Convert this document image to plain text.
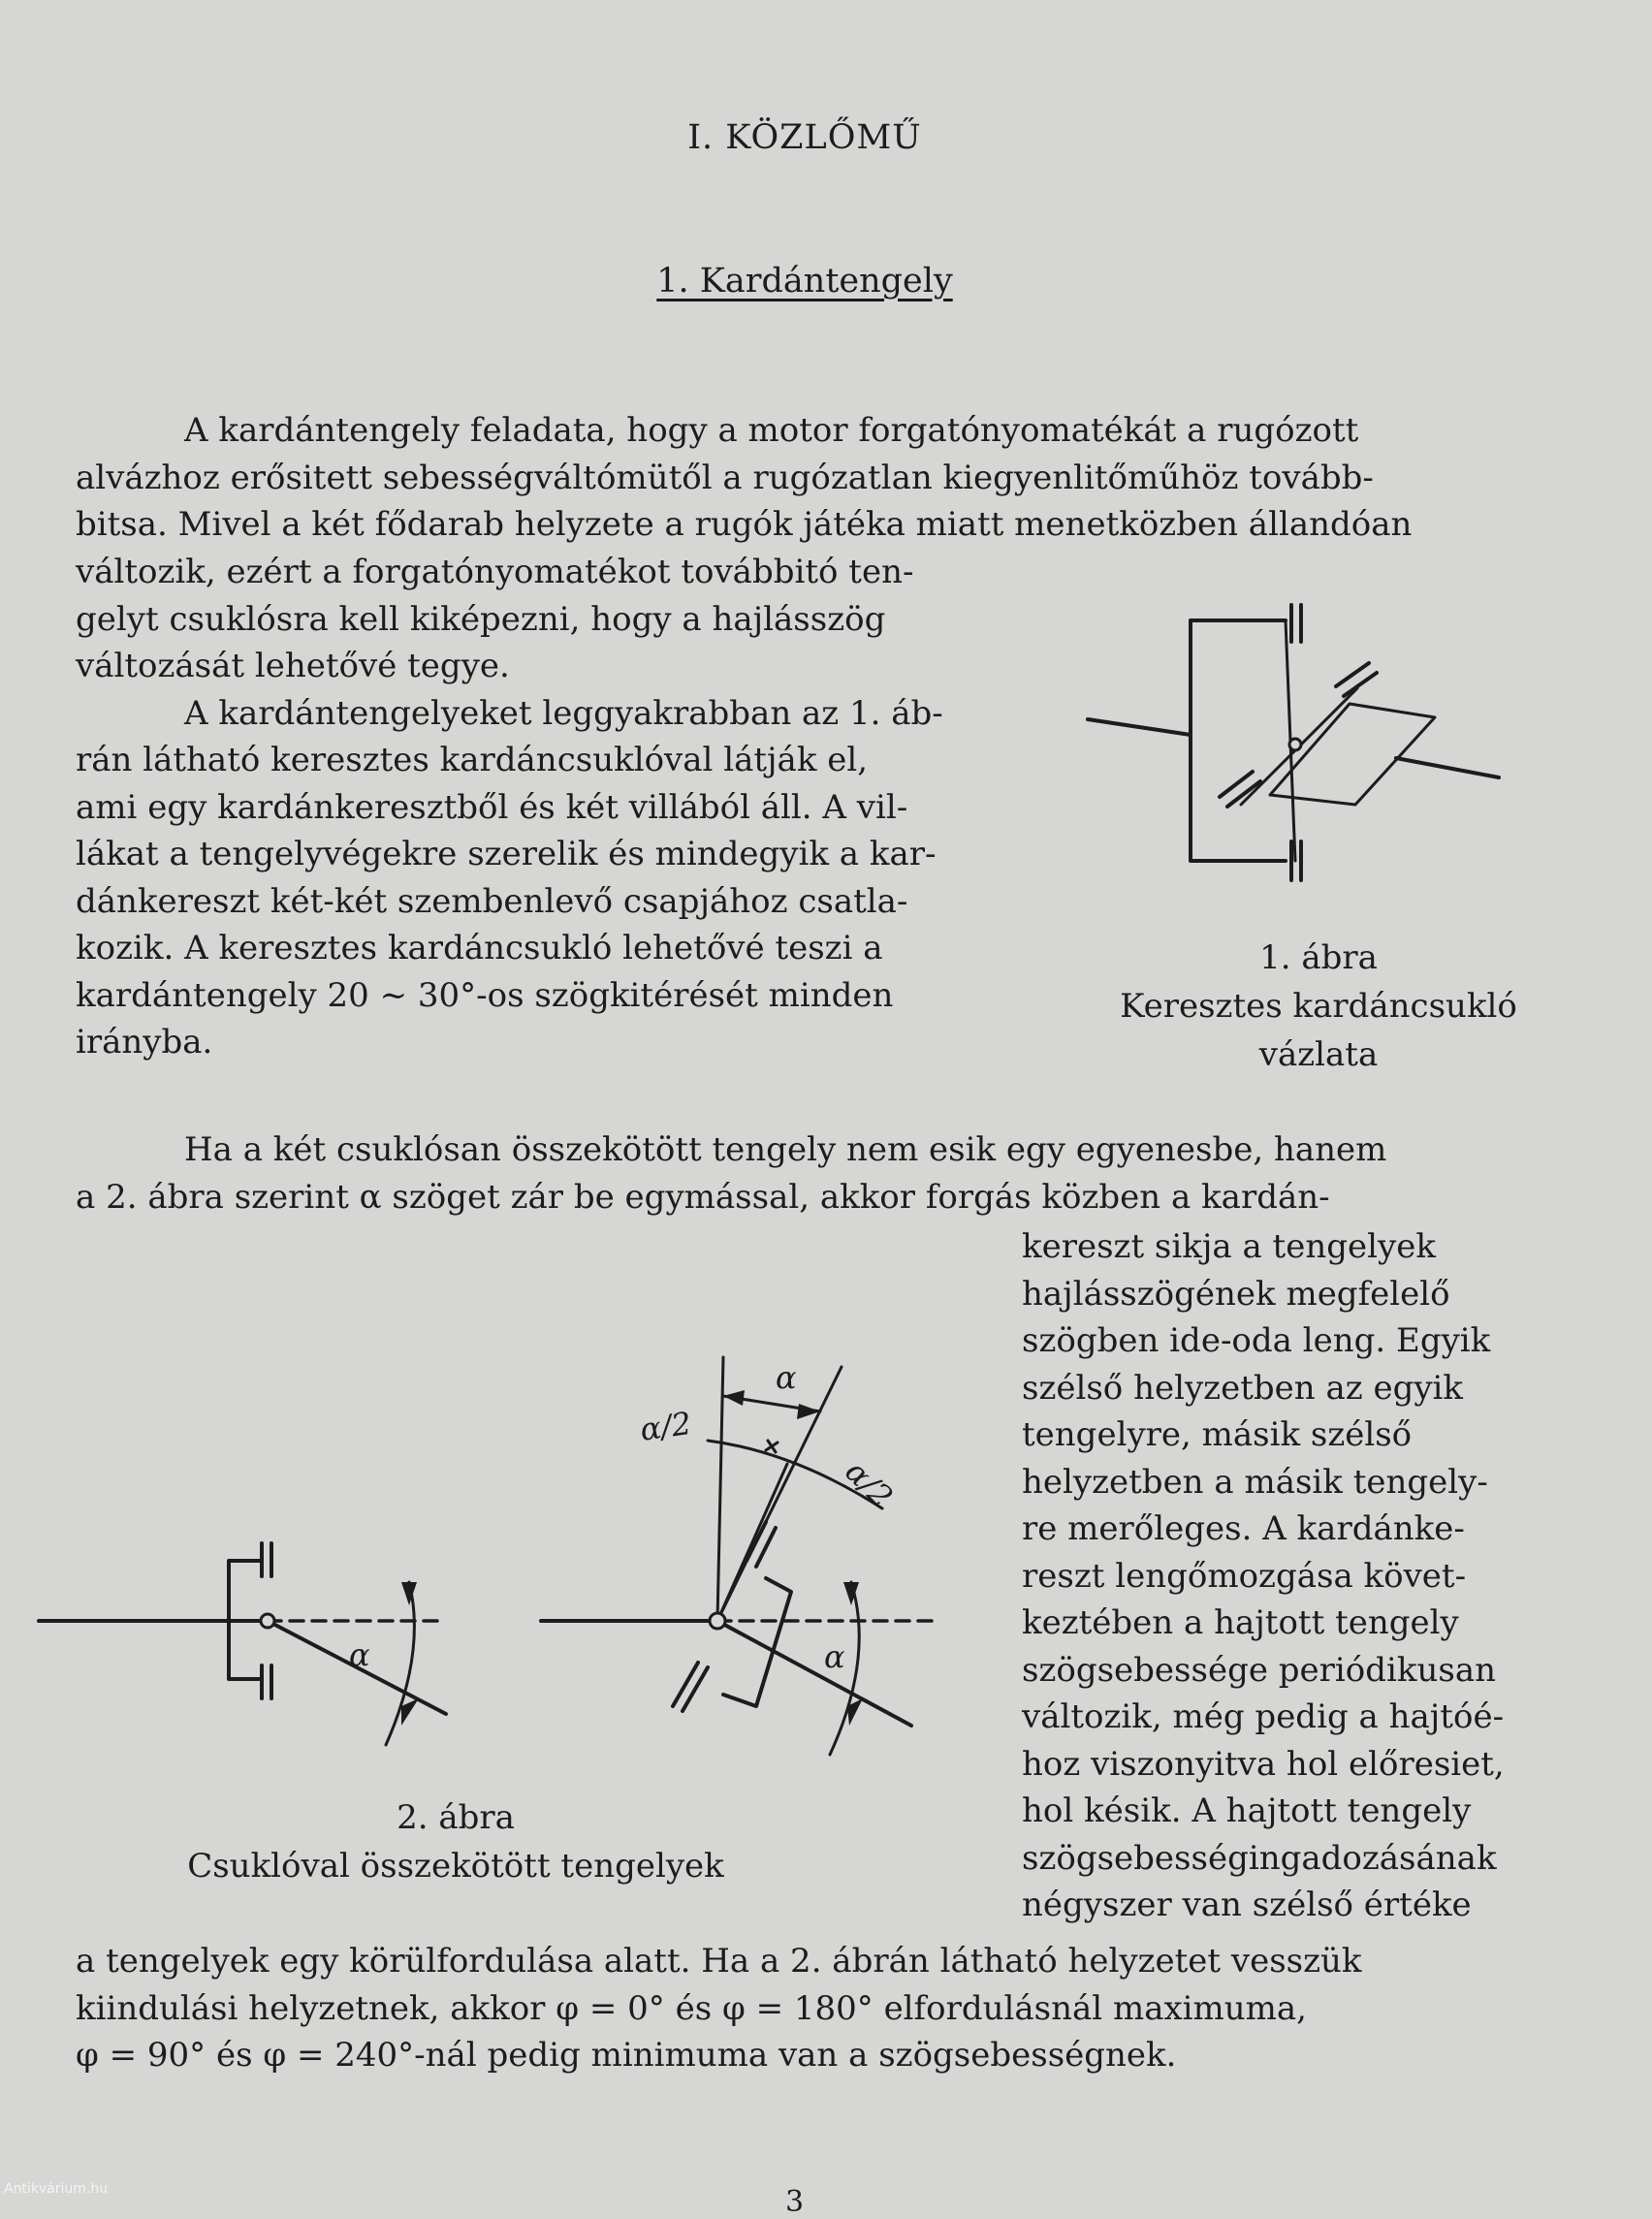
I. KÖZLŐMŰ
1. Kardántengely
A kardántengely feladata, hogy a motor forgatónyomatékát a rugózott
alvázhoz erősitett sebességváltómütől a rugózatlan kiegyenlitőműhöz tovább-
bitsa. Mivel a két fődarab helyzete a rugók játéka miatt menetközben állandóan
változik, ezért a forgatónyomatékot továbbitó ten-
gelyt csuklósra kell kiképezni, hogy a hajlásszög
változását lehetővé tegye.
A kardántengelyeket leggyakrabban az 1. áb-
rán látható keresztes kardáncsuklóval látják el,
ami egy kardánkeresztből és két villából áll. A vil-
lákat a tengelyvégekre szerelik és mindegyik a kar-
dánkereszt két-két szembenlevő csapjához csatla-
kozik. A keresztes kardáncsukló lehetővé teszi a
kardántengely 20 ∼ 30°-os szögkitérését minden
irányba.
1. ábra
Keresztes kardáncsukló
vázlata
Ha a két csuklósan összekötött tengely nem esik egy egyenesbe, hanem
a 2. ábra szerint α szöget zár be egymással, akkor forgás közben a kardán-
kereszt sikja a tengelyek
hajlásszögének megfelelő
szögben ide-oda leng. Egyik
szélső helyzetben az egyik
tengelyre, másik szélső
helyzetben a másik tengely-
re merőleges. A kardánke-
reszt lengőmozgása követ-
keztében a hajtott tengely
szögsebessége periódikusan
változik, még pedig a hajtóé-
hoz viszonyitva hol előresiet,
hol késik. A hajtott tengely
szögsebességingadozásának
négyszer van szélső értéke
α
α
α/2
α/2
α
2. ábra
Csuklóval összekötött tengelyek
a tengelyek egy körülfordulása alatt. Ha a 2. ábrán látható helyzetet vesszük
kiindulási helyzetnek, akkor φ = 0° és φ = 180° elfordulásnál maximuma,
φ = 90° és φ = 240°-nál pedig minimuma van a szögsebességnek.
3
Antikvárium.hu
